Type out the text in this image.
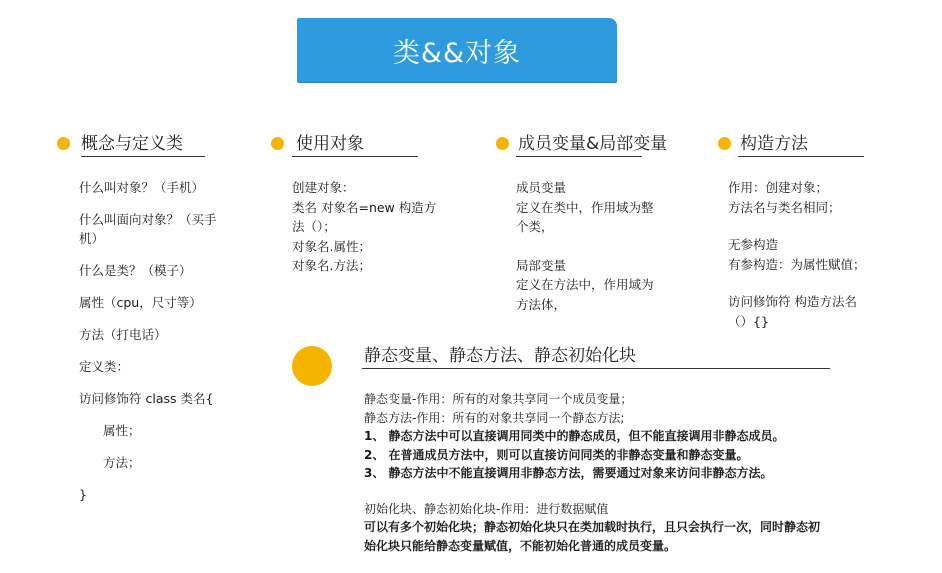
类&&对象
概念与定义类
什么叫对象？（手机）
什么叫面向对象？（买手
机）
什么是类？（模子）
属性（cpu，尺寸等）
方法（打电话）
定义类：
访问修饰符 class 类名{
属性；
方法；
}
使用对象
创建对象：
类名 对象名=new 构造方
法（）；
对象名.属性；
对象名.方法；
成员变量&局部变量
成员变量
定义在类中，作用域为整
个类，
局部变量
定义在方法中，作用域为
方法体，
构造方法
作用：创建对象；
方法名与类名相同；
无参构造
有参构造：为属性赋值；
访问修饰符 构造方法名
（）{}
静态变量、静态方法、静态初始化块
静态变量-作用：所有的对象共享同一个成员变量；
静态方法-作用：所有的对象共享同一个静态方法;
1、 静态方法中可以直接调用同类中的静态成员，但不能直接调用非静态成员。
2、 在普通成员方法中，则可以直接访问同类的非静态变量和静态变量。
3、 静态方法中不能直接调用非静态方法，需要通过对象来访问非静态方法。
初始化块、静态初始化块-作用：进行数据赋值
可以有多个初始化块；静态初始化块只在类加载时执行，且只会执行一次，同时静态初
始化块只能给静态变量赋值，不能初始化普通的成员变量。
